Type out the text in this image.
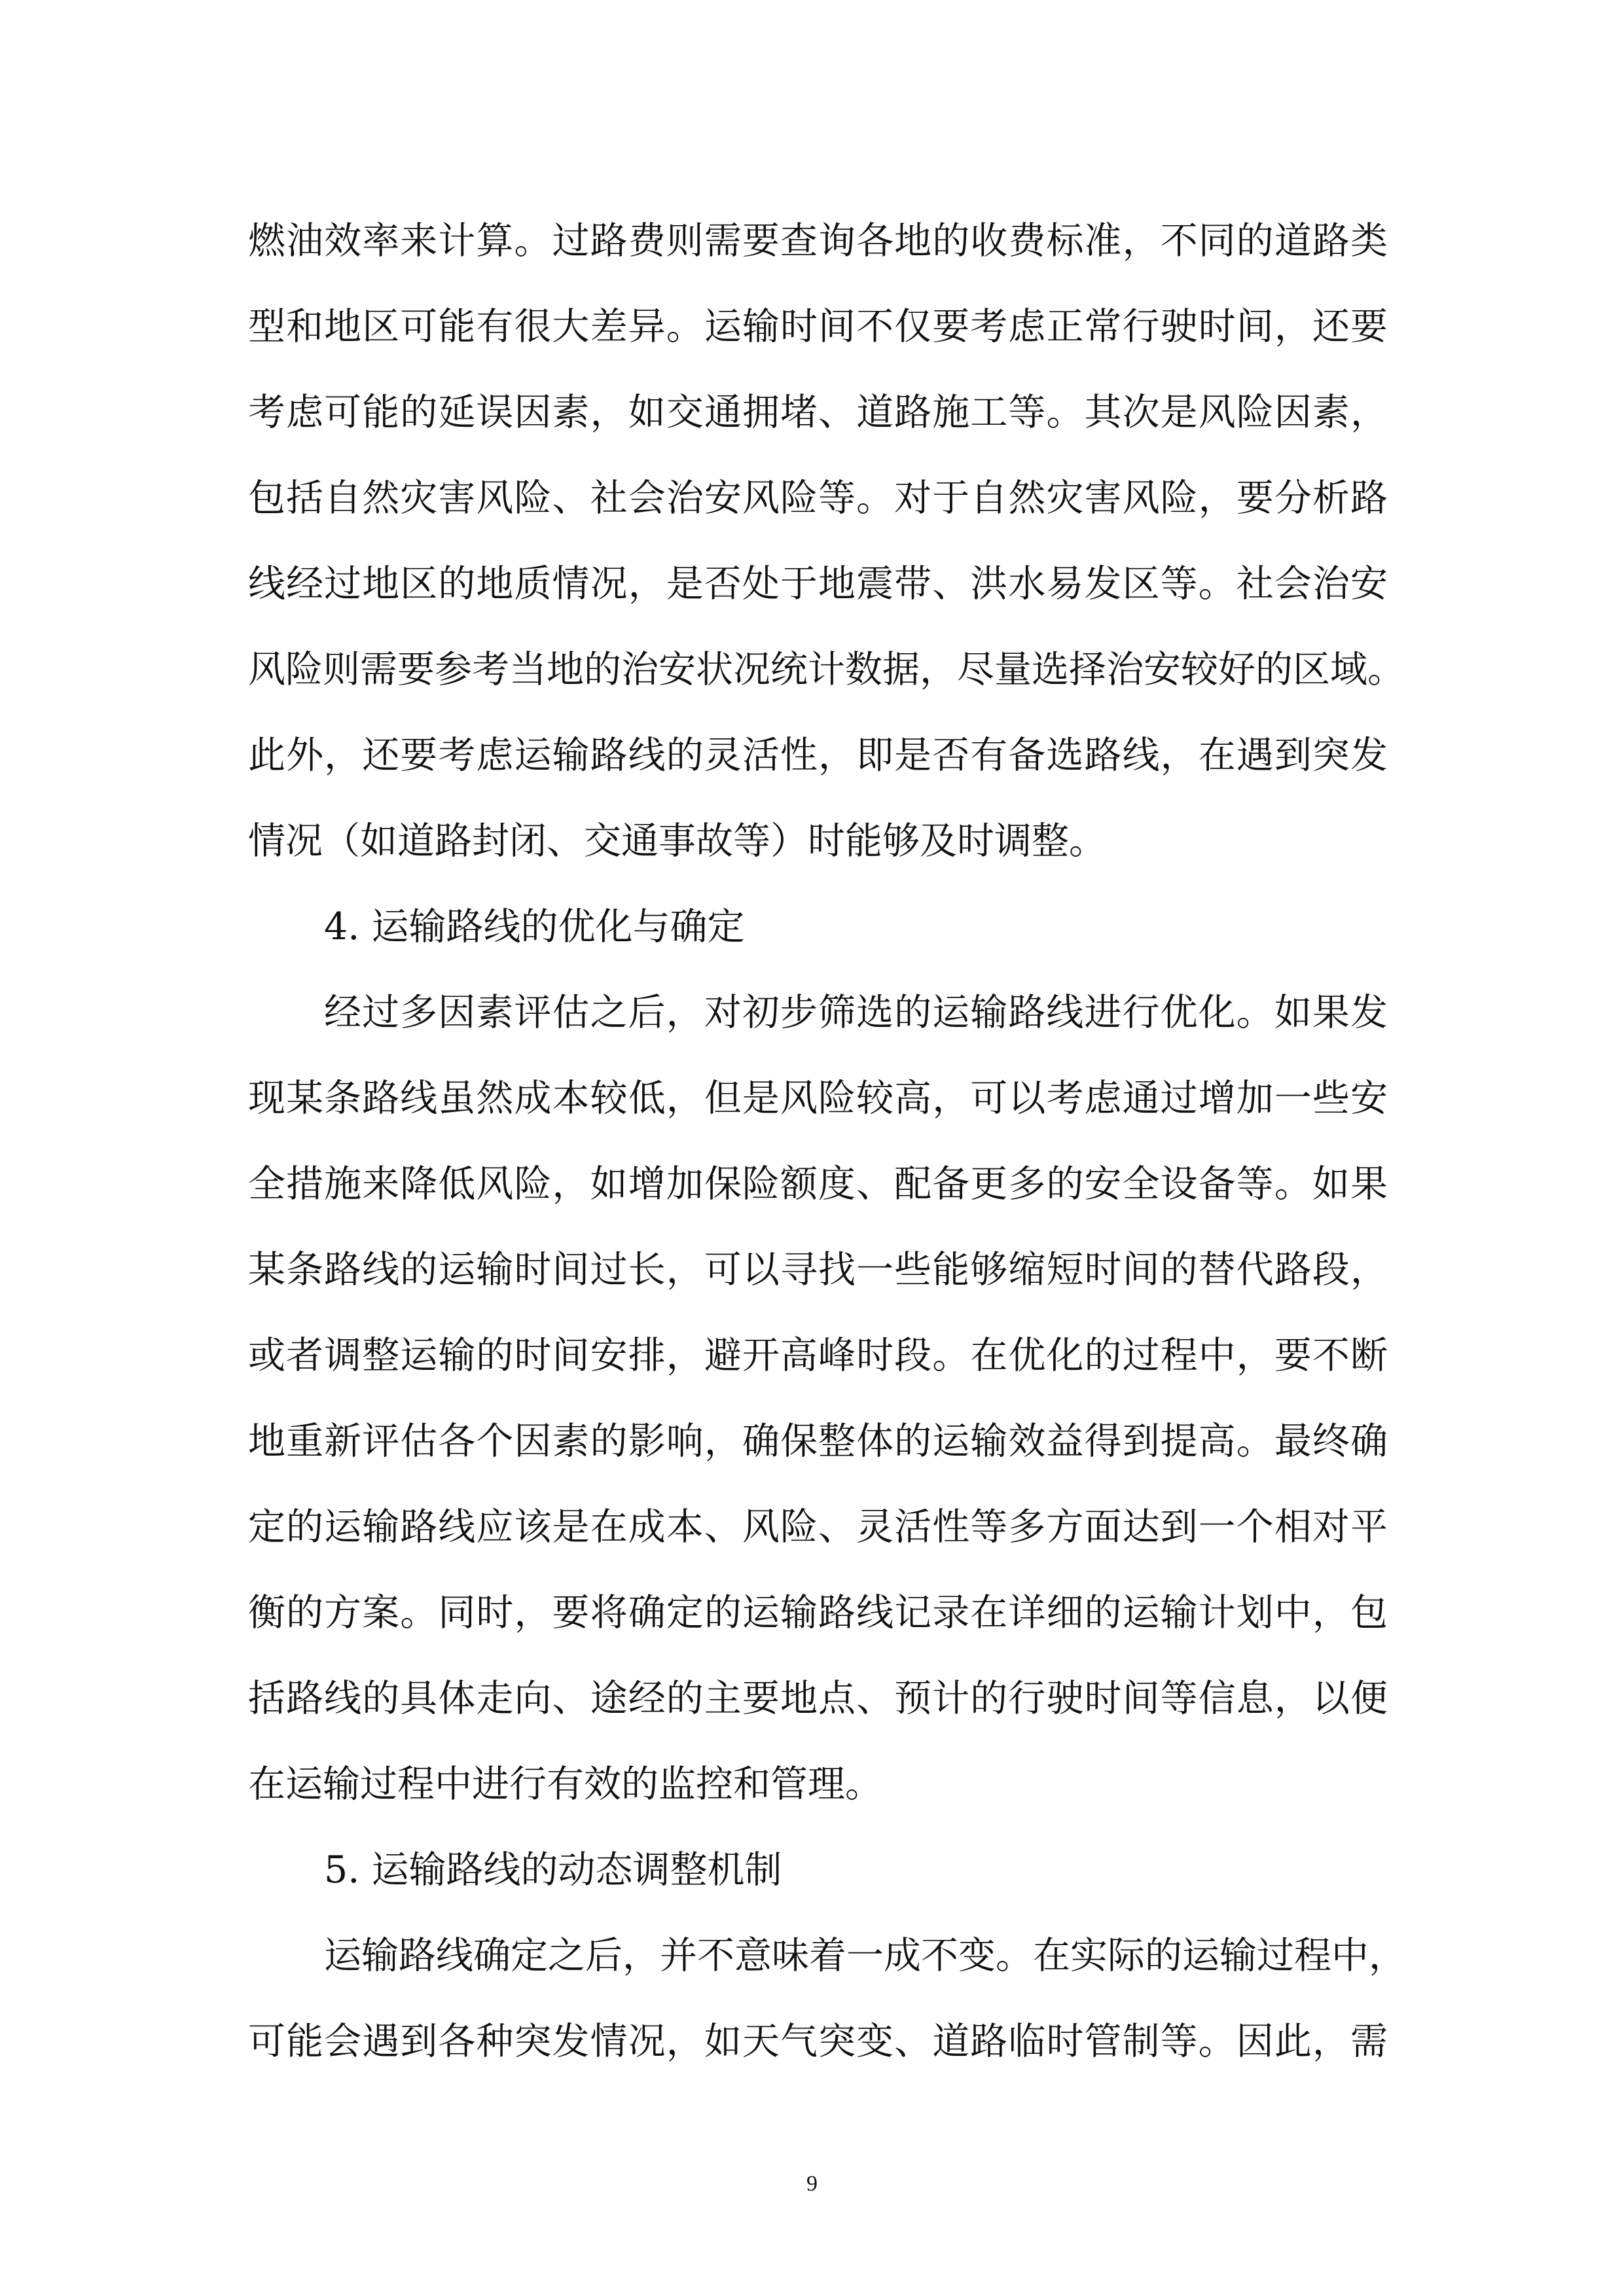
燃油效率来计算。过路费则需要查询各地的收费标准，不同的道路类
型和地区可能有很大差异。运输时间不仅要考虑正常行驶时间，还要
考虑可能的延误因素，如交通拥堵、道路施工等。其次是风险因素，
包括自然灾害风险、社会治安风险等。对于自然灾害风险，要分析路
线经过地区的地质情况，是否处于地震带、洪水易发区等。社会治安
风险则需要参考当地的治安状况统计数据，尽量选择治安较好的区域。
此外，还要考虑运输路线的灵活性，即是否有备选路线，在遇到突发
情况（如道路封闭、交通事故等）时能够及时调整。
4. 运输路线的优化与确定
经过多因素评估之后，对初步筛选的运输路线进行优化。如果发
现某条路线虽然成本较低，但是风险较高，可以考虑通过增加一些安
全措施来降低风险，如增加保险额度、配备更多的安全设备等。如果
某条路线的运输时间过长，可以寻找一些能够缩短时间的替代路段，
或者调整运输的时间安排，避开高峰时段。在优化的过程中，要不断
地重新评估各个因素的影响，确保整体的运输效益得到提高。最终确
定的运输路线应该是在成本、风险、灵活性等多方面达到一个相对平
衡的方案。同时，要将确定的运输路线记录在详细的运输计划中，包
括路线的具体走向、途经的主要地点、预计的行驶时间等信息，以便
在运输过程中进行有效的监控和管理。
5. 运输路线的动态调整机制
运输路线确定之后，并不意味着一成不变。在实际的运输过程中，
可能会遇到各种突发情况，如天气突变、道路临时管制等。因此，需
9
